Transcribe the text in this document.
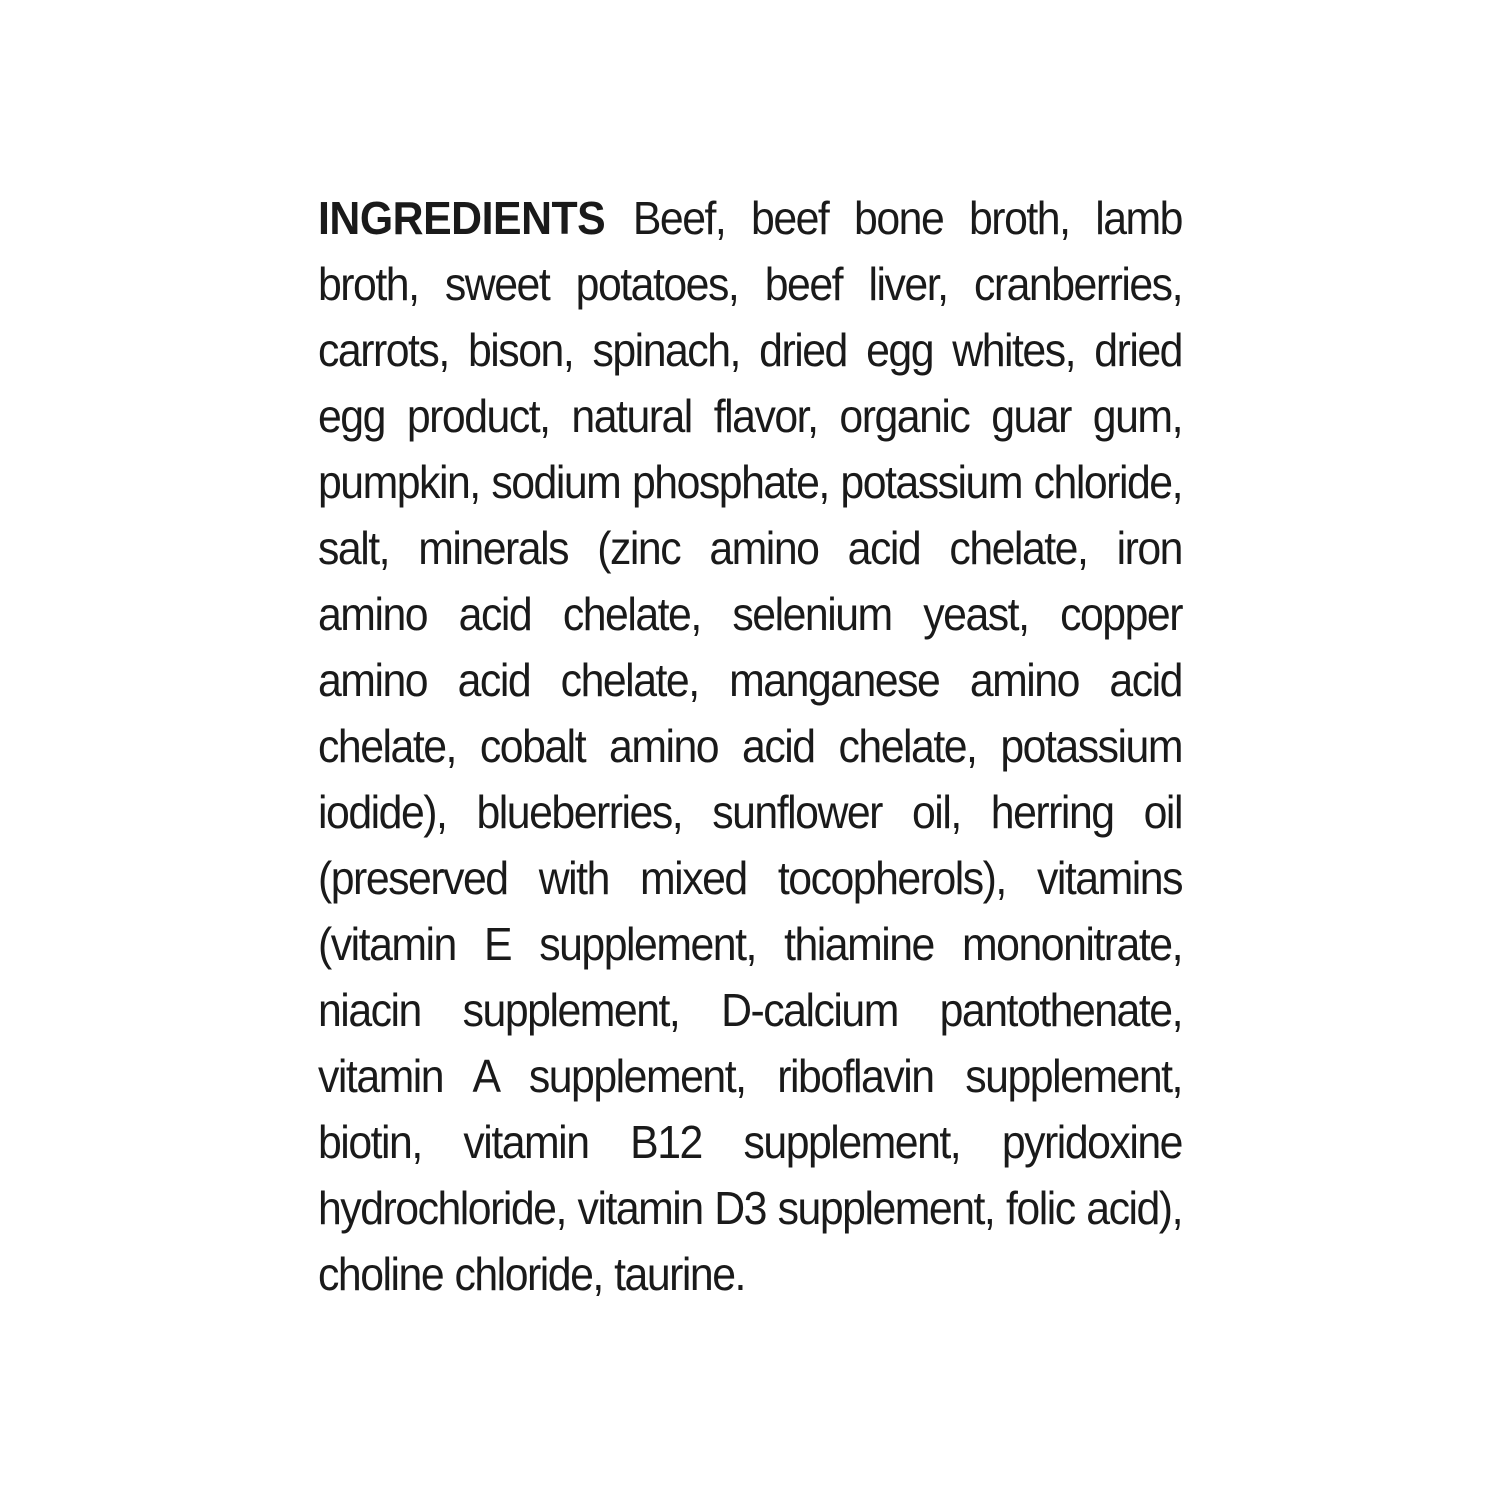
INGREDIENTS Beef, beef bone broth, lamb broth, sweet potatoes, beef liver, cranberries, carrots, bison, spinach, dried egg whites, dried egg product, natural flavor, organic guar gum, pumpkin, sodium phosphate, potassium chloride, salt, minerals (zinc amino acid chelate, iron amino acid chelate, selenium yeast, copper amino acid chelate, manganese amino acid chelate, cobalt amino acid chelate, potassium iodide), blueberries, sunflower oil, herring oil (preserved with mixed tocopherols), vitamins (vitamin E supplement, thiamine mononitrate, niacin supplement, D-calcium pantothenate, vitamin A supplement, riboflavin supplement, biotin, vitamin B12 supplement, pyridoxine hydrochloride, vitamin D3 supplement, folic acid), choline chloride, taurine.
